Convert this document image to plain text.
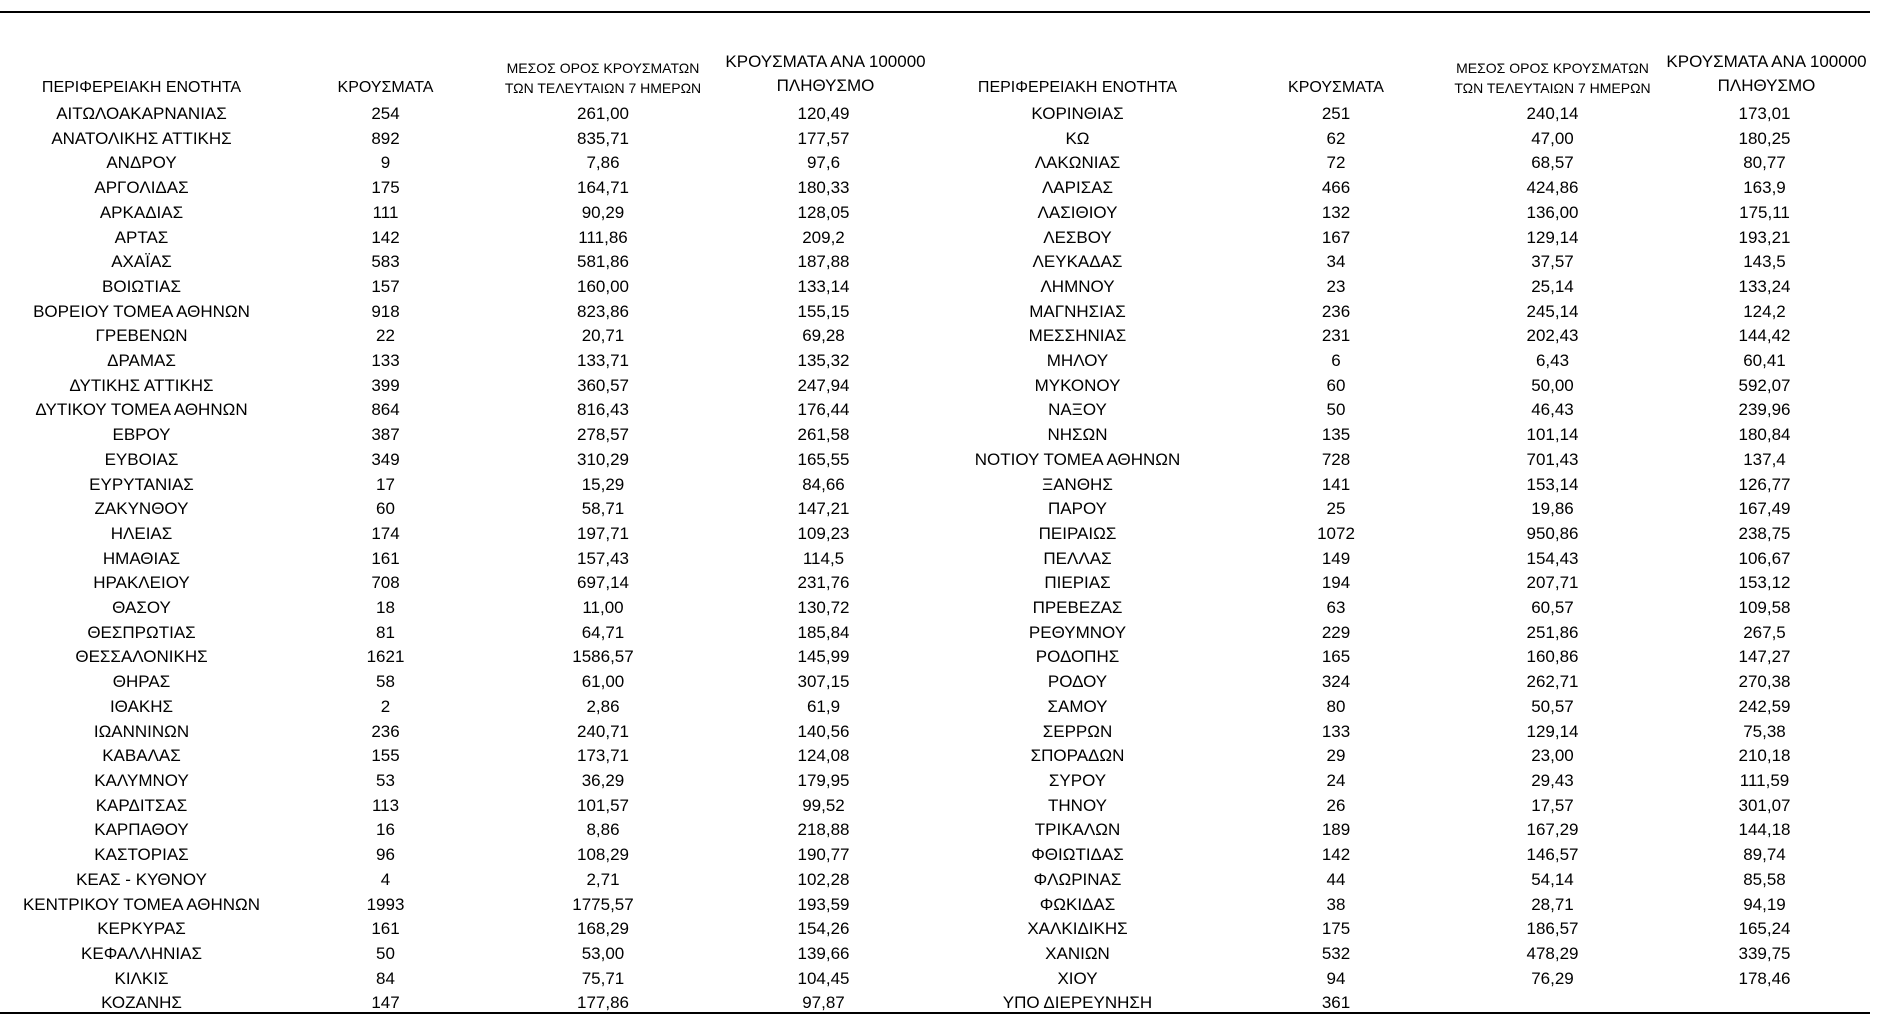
ΠΕΡΙΦΕΡΕΙΑΚΗ ΕΝΟΤΗΤΑ	ΚΡΟΥΣΜΑΤΑ	ΜΕΣΟΣ ΟΡΟΣ ΚΡΟΥΣΜΑΤΩΝ ΤΩΝ ΤΕΛΕΥΤΑΙΩΝ 7 ΗΜΕΡΩΝ	ΚΡΟΥΣΜΑΤΑ ΑΝΑ 100000 ΠΛΗΘΥΣΜΟ	ΠΕΡΙΦΕΡΕΙΑΚΗ ΕΝΟΤΗΤΑ	ΚΡΟΥΣΜΑΤΑ	ΜΕΣΟΣ ΟΡΟΣ ΚΡΟΥΣΜΑΤΩΝ ΤΩΝ ΤΕΛΕΥΤΑΙΩΝ 7 ΗΜΕΡΩΝ	ΚΡΟΥΣΜΑΤΑ ΑΝΑ 100000 ΠΛΗΘΥΣΜΟ
ΑΙΤΩΛΟΑΚΑΡΝΑΝΙΑΣ	254	261,00	120,49	ΚΟΡΙΝΘΙΑΣ	251	240,14	173,01
ΑΝΑΤΟΛΙΚΗΣ ΑΤΤΙΚΗΣ	892	835,71	177,57	ΚΩ	62	47,00	180,25
ΑΝΔΡΟΥ	9	7,86	97,6	ΛΑΚΩΝΙΑΣ	72	68,57	80,77
ΑΡΓΟΛΙΔΑΣ	175	164,71	180,33	ΛΑΡΙΣΑΣ	466	424,86	163,9
ΑΡΚΑΔΙΑΣ	111	90,29	128,05	ΛΑΣΙΘΙΟΥ	132	136,00	175,11
ΑΡΤΑΣ	142	111,86	209,2	ΛΕΣΒΟΥ	167	129,14	193,21
ΑΧΑΪΑΣ	583	581,86	187,88	ΛΕΥΚΑΔΑΣ	34	37,57	143,5
ΒΟΙΩΤΙΑΣ	157	160,00	133,14	ΛΗΜΝΟΥ	23	25,14	133,24
ΒΟΡΕΙΟΥ ΤΟΜΕΑ ΑΘΗΝΩΝ	918	823,86	155,15	ΜΑΓΝΗΣΙΑΣ	236	245,14	124,2
ΓΡΕΒΕΝΩΝ	22	20,71	69,28	ΜΕΣΣΗΝΙΑΣ	231	202,43	144,42
ΔΡΑΜΑΣ	133	133,71	135,32	ΜΗΛΟΥ	6	6,43	60,41
ΔΥΤΙΚΗΣ ΑΤΤΙΚΗΣ	399	360,57	247,94	ΜΥΚΟΝΟΥ	60	50,00	592,07
ΔΥΤΙΚΟΥ ΤΟΜΕΑ ΑΘΗΝΩΝ	864	816,43	176,44	ΝΑΞΟΥ	50	46,43	239,96
ΕΒΡΟΥ	387	278,57	261,58	ΝΗΣΩΝ	135	101,14	180,84
ΕΥΒΟΙΑΣ	349	310,29	165,55	ΝΟΤΙΟΥ ΤΟΜΕΑ ΑΘΗΝΩΝ	728	701,43	137,4
ΕΥΡΥΤΑΝΙΑΣ	17	15,29	84,66	ΞΑΝΘΗΣ	141	153,14	126,77
ΖΑΚΥΝΘΟΥ	60	58,71	147,21	ΠΑΡΟΥ	25	19,86	167,49
ΗΛΕΙΑΣ	174	197,71	109,23	ΠΕΙΡΑΙΩΣ	1072	950,86	238,75
ΗΜΑΘΙΑΣ	161	157,43	114,5	ΠΕΛΛΑΣ	149	154,43	106,67
ΗΡΑΚΛΕΙΟΥ	708	697,14	231,76	ΠΙΕΡΙΑΣ	194	207,71	153,12
ΘΑΣΟΥ	18	11,00	130,72	ΠΡΕΒΕΖΑΣ	63	60,57	109,58
ΘΕΣΠΡΩΤΙΑΣ	81	64,71	185,84	ΡΕΘΥΜΝΟΥ	229	251,86	267,5
ΘΕΣΣΑΛΟΝΙΚΗΣ	1621	1586,57	145,99	ΡΟΔΟΠΗΣ	165	160,86	147,27
ΘΗΡΑΣ	58	61,00	307,15	ΡΟΔΟΥ	324	262,71	270,38
ΙΘΑΚΗΣ	2	2,86	61,9	ΣΑΜΟΥ	80	50,57	242,59
ΙΩΑΝΝΙΝΩΝ	236	240,71	140,56	ΣΕΡΡΩΝ	133	129,14	75,38
ΚΑΒΑΛΑΣ	155	173,71	124,08	ΣΠΟΡΑΔΩΝ	29	23,00	210,18
ΚΑΛΥΜΝΟΥ	53	36,29	179,95	ΣΥΡΟΥ	24	29,43	111,59
ΚΑΡΔΙΤΣΑΣ	113	101,57	99,52	ΤΗΝΟΥ	26	17,57	301,07
ΚΑΡΠΑΘΟΥ	16	8,86	218,88	ΤΡΙΚΑΛΩΝ	189	167,29	144,18
ΚΑΣΤΟΡΙΑΣ	96	108,29	190,77	ΦΘΙΩΤΙΔΑΣ	142	146,57	89,74
ΚΕΑΣ - ΚΥΘΝΟΥ	4	2,71	102,28	ΦΛΩΡΙΝΑΣ	44	54,14	85,58
ΚΕΝΤΡΙΚΟΥ ΤΟΜΕΑ ΑΘΗΝΩΝ	1993	1775,57	193,59	ΦΩΚΙΔΑΣ	38	28,71	94,19
ΚΕΡΚΥΡΑΣ	161	168,29	154,26	ΧΑΛΚΙΔΙΚΗΣ	175	186,57	165,24
ΚΕΦΑΛΛΗΝΙΑΣ	50	53,00	139,66	ΧΑΝΙΩΝ	532	478,29	339,75
ΚΙΛΚΙΣ	84	75,71	104,45	ΧΙΟΥ	94	76,29	178,46
ΚΟΖΑΝΗΣ	147	177,86	97,87	ΥΠΟ ΔΙΕΡΕΥΝΗΣΗ	361		
